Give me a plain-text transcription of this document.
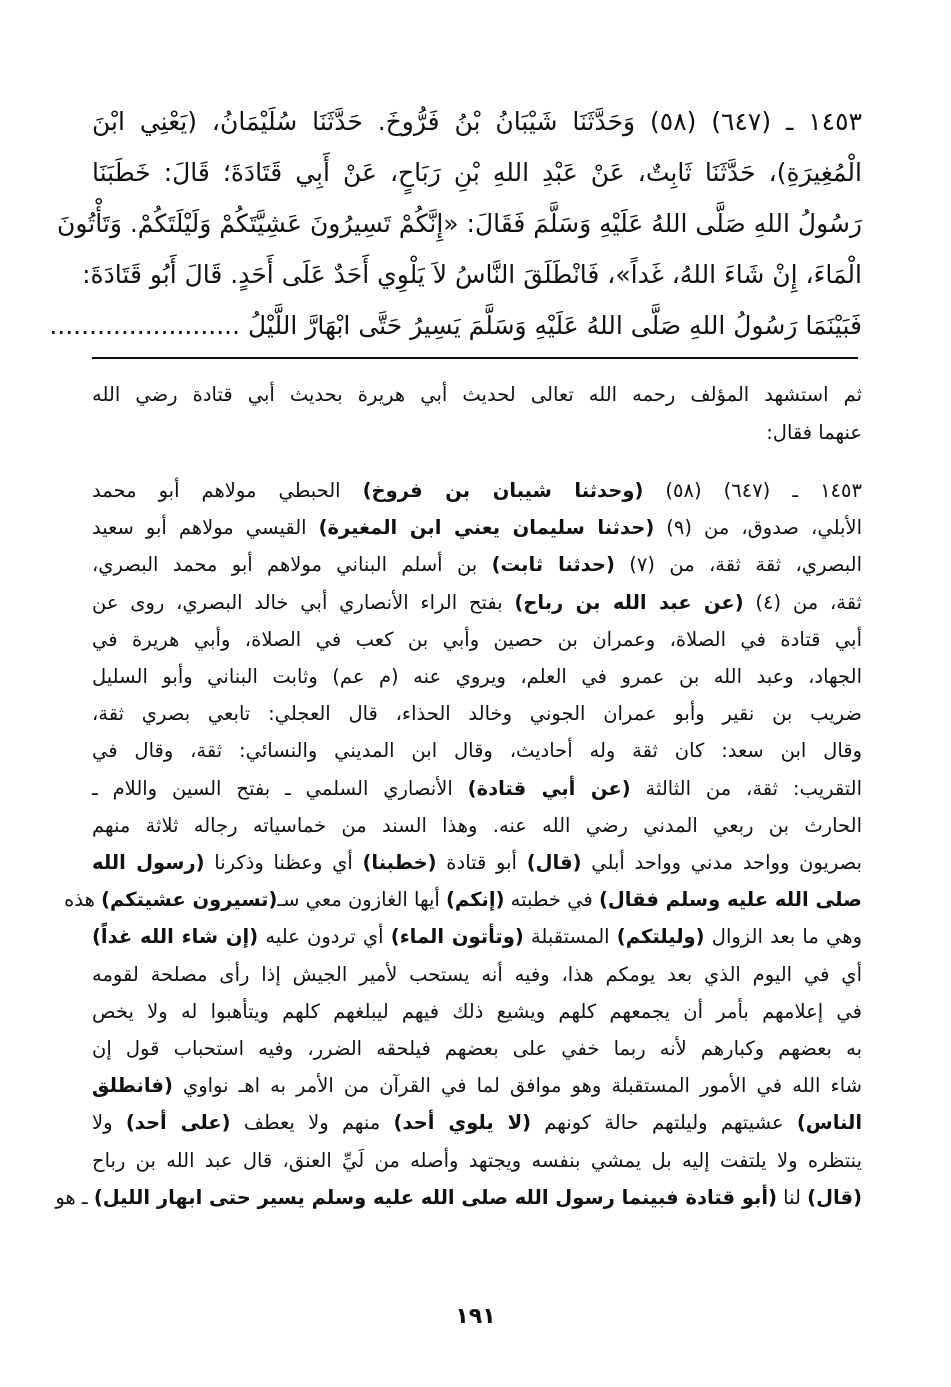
١٤٥٣ ـ (٦٤٧) (٥٨) وَحَدَّثَنَا شَيْبَانُ بْنُ فَرُّوخَ. حَدَّثَنَا سُلَيْمَانُ، (يَعْنِي ابْنَ
الْمُغِيرَةِ)، حَدَّثَنَا ثَابِتٌ، عَنْ عَبْدِ اللهِ بْنِ رَبَاحٍ، عَنْ أَبِي قَتَادَةَ؛ قَالَ: خَطَبَنَا
رَسُولُ اللهِ صَلَّى اللهُ عَلَيْهِ وَسَلَّمَ فَقَالَ: «إِنَّكُمْ تَسِيرُونَ عَشِيَّتَكُمْ وَلَيْلَتَكُمْ. وَتَأْتُونَ
الْمَاءَ، إِنْ شَاءَ اللهُ، غَداً»، فَانْطَلَقَ النَّاسُ لاَ يَلْوِي أَحَدٌ عَلَى أَحَدٍ. قَالَ أَبُو قَتَادَةَ:
فَبَيْنَمَا رَسُولُ اللهِ صَلَّى اللهُ عَلَيْهِ وَسَلَّمَ يَسِيرُ حَتَّى ابْهَارَّ اللَّيْلُ ........................
ثم استشهد المؤلف رحمه الله تعالى لحديث أبي هريرة بحديث أبي قتادة رضي الله
عنهما فقال:
١٤٥٣ ـ (٦٤٧) (٥٨) (وحدثنا شيبان بن فروخ) الحبطي مولاهم أبو محمد
الأبلي، صدوق، من (٩) (حدثنا سليمان يعني ابن المغيرة) القيسي مولاهم أبو سعيد
البصري، ثقة ثقة، من (٧) (حدثنا ثابت) بن أسلم البناني مولاهم أبو محمد البصري،
ثقة، من (٤) (عن عبد الله بن رباح) بفتح الراء الأنصاري أبي خالد البصري، روى عن
أبي قتادة في الصلاة، وعمران بن حصين وأبي بن كعب في الصلاة، وأبي هريرة في
الجهاد، وعبد الله بن عمرو في العلم، ويروي عنه (م عم) وثابت البناني وأبو السليل
ضريب بن نقير وأبو عمران الجوني وخالد الحذاء، قال العجلي: تابعي بصري ثقة،
وقال ابن سعد: كان ثقة وله أحاديث، وقال ابن المديني والنسائي: ثقة، وقال في
التقريب: ثقة، من الثالثة (عن أبي قتادة) الأنصاري السلمي ـ بفتح السين واللام ـ
الحارث بن ربعي المدني رضي الله عنه. وهذا السند من خماسياته رجاله ثلاثة منهم
بصريون وواحد مدني وواحد أبلي (قال) أبو قتادة (خطبنا) أي وعظنا وذكرنا (رسول الله
صلى الله عليه وسلم فقال) في خطبته (إنكم) أيها الغازون معي سـ(تسيرون عشيتكم) هذه
وهي ما بعد الزوال (وليلتكم) المستقبلة (وتأتون الماء) أي تردون عليه (إن شاء الله غداً)
أي في اليوم الذي بعد يومكم هذا، وفيه أنه يستحب لأمير الجيش إذا رأى مصلحة لقومه
في إعلامهم بأمر أن يجمعهم كلهم ويشيع ذلك فيهم ليبلغهم كلهم ويتأهبوا له ولا يخص
به بعضهم وكبارهم لأنه ربما خفي على بعضهم فيلحقه الضرر، وفيه استحباب قول إن
شاء الله في الأمور المستقبلة وهو موافق لما في القرآن من الأمر به اهـ نواوي (فانطلق
الناس) عشيتهم وليلتهم حالة كونهم (لا يلوي أحد) منهم ولا يعطف (على أحد) ولا
ينتظره ولا يلتفت إليه بل يمشي بنفسه ويجتهد وأصله من لَيِّ العنق، قال عبد الله بن رباح
(قال) لنا (أبو قتادة فبينما رسول الله صلى الله عليه وسلم يسير حتى ابهار الليل) ـ هو
١٩١
